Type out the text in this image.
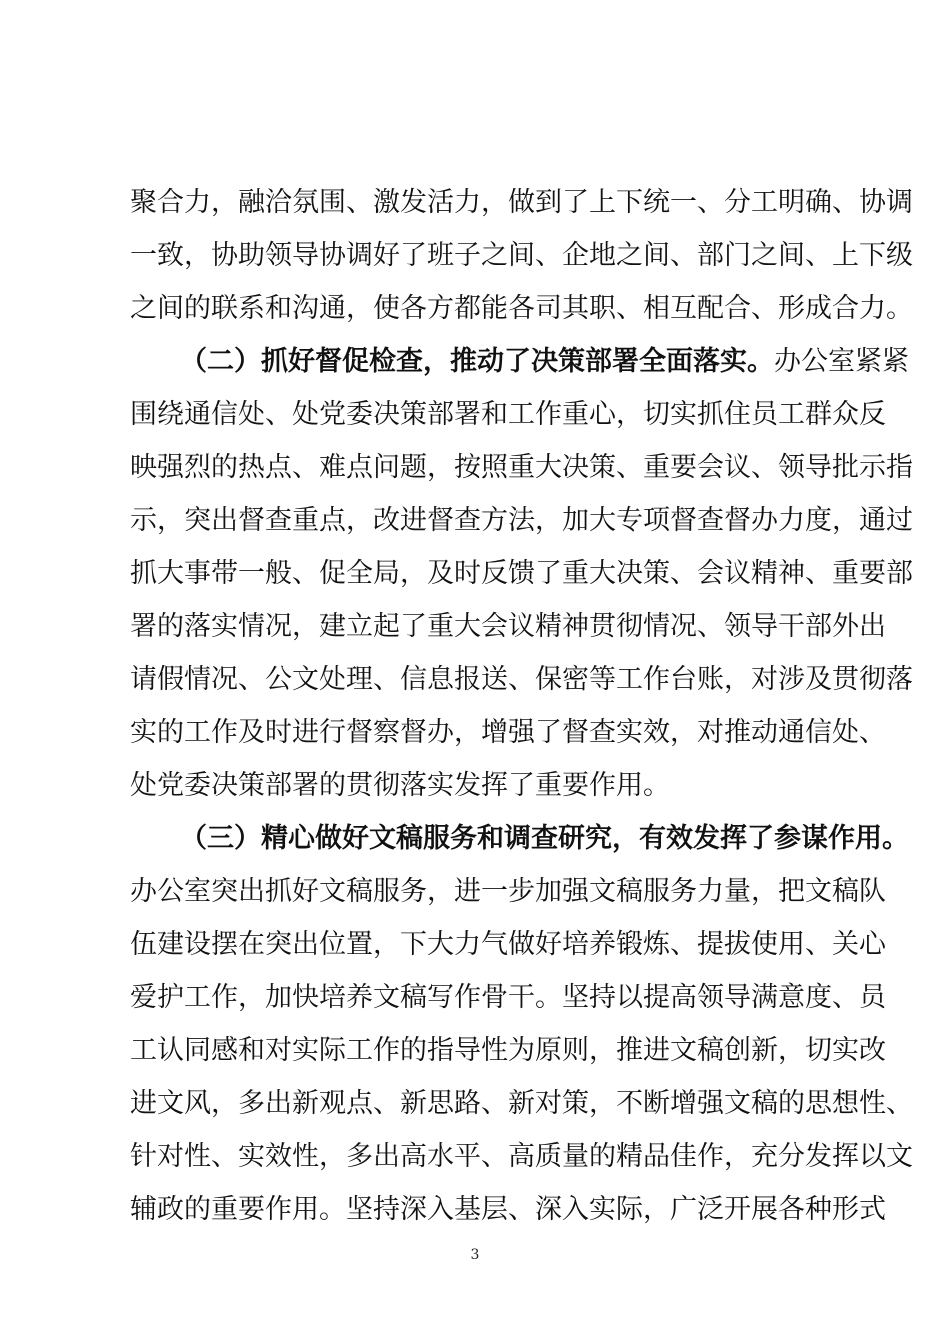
聚合力，融洽氛围、激发活力，做到了上下统一、分工明确、协调
一致，协助领导协调好了班子之间、企地之间、部门之间、上下级
之间的联系和沟通，使各方都能各司其职、相互配合、形成合力。
（二）抓好督促检查，推动了决策部署全面落实。办公室紧紧
围绕通信处、处党委决策部署和工作重心，切实抓住员工群众反
映强烈的热点、难点问题，按照重大决策、重要会议、领导批示指
示，突出督查重点，改进督查方法，加大专项督查督办力度，通过
抓大事带一般、促全局，及时反馈了重大决策、会议精神、重要部
署的落实情况，建立起了重大会议精神贯彻情况、领导干部外出
请假情况、公文处理、信息报送、保密等工作台账，对涉及贯彻落
实的工作及时进行督察督办，增强了督查实效，对推动通信处、
处党委决策部署的贯彻落实发挥了重要作用。
（三）精心做好文稿服务和调查研究，有效发挥了参谋作用。
办公室突出抓好文稿服务，进一步加强文稿服务力量，把文稿队
伍建设摆在突出位置，下大力气做好培养锻炼、提拔使用、关心
爱护工作，加快培养文稿写作骨干。坚持以提高领导满意度、员
工认同感和对实际工作的指导性为原则，推进文稿创新，切实改
进文风，多出新观点、新思路、新对策，不断增强文稿的思想性、
针对性、实效性，多出高水平、高质量的精品佳作，充分发挥以文
辅政的重要作用。坚持深入基层、深入实际，广泛开展各种形式
3
